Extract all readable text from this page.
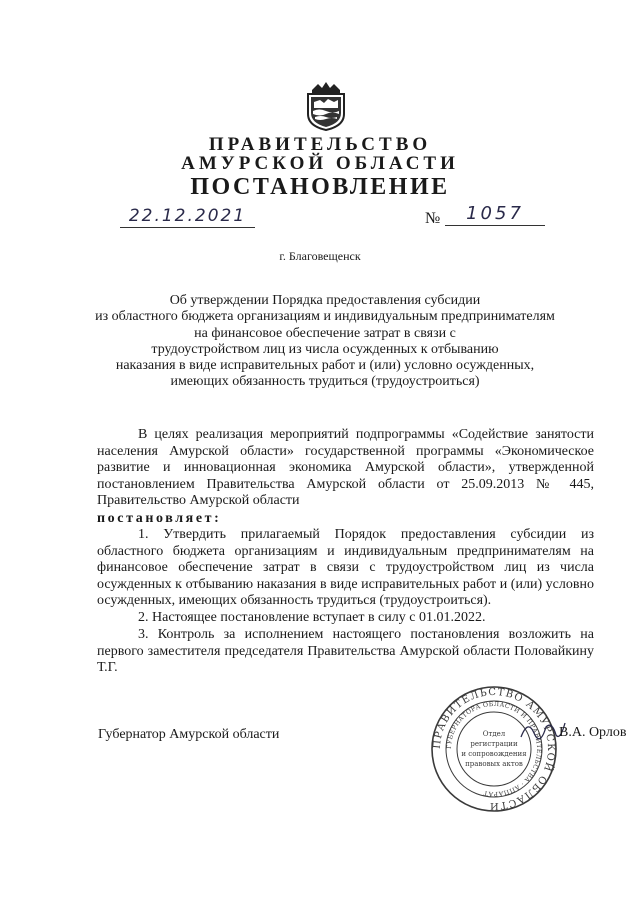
ПРАВИТЕЛЬСТВО
АМУРСКОЙ ОБЛАСТИ
ПОСТАНОВЛЕНИЕ
22.12.2021	№	1057
г. Благовещенск
Об утверждении Порядка предоставления субсидии
из областного бюджета организациям и индивидуальным предпринимателям
на финансовое обеспечение затрат в связи с
трудоустройством лиц из числа осужденных к отбыванию
наказания в виде исправительных работ и (или) условно осужденных,
имеющих обязанность трудиться (трудоустроиться)
В целях реализация мероприятий подпрограммы «Содействие занятости населения Амурской области» государственной программы «Экономическое развитие и инновационная экономика Амурской области», утвержденной постановлением Правительства Амурской области от 25.09.2013 № 445, Правительство Амурской области
постановляет:
1. Утвердить прилагаемый Порядок предоставления субсидии из областного бюджета организациям и индивидуальным предпринимателям на финансовое обеспечение затрат в связи с трудоустройством лиц из числа осужденных к отбыванию наказания в виде исправительных работ и (или) условно осужденных, имеющих обязанность трудиться (трудоустроиться).
2. Настоящее постановление вступает в силу с 01.01.2022.
3. Контроль за исполнением настоящего постановления возложить на первого заместителя председателя Правительства Амурской области Половайкину Т.Г.
Губернатор Амурской области
ПРАВИТЕЛЬСТВО АМУРСКОЙ ОБЛАСТИ
ГУБЕРНАТОРА ОБЛАСТИ И ПРАВИТЕЛЬСТВА · АППАРАТ
Отдел
регистрации
и сопровождения
правовых актов
В.А. Орлов
